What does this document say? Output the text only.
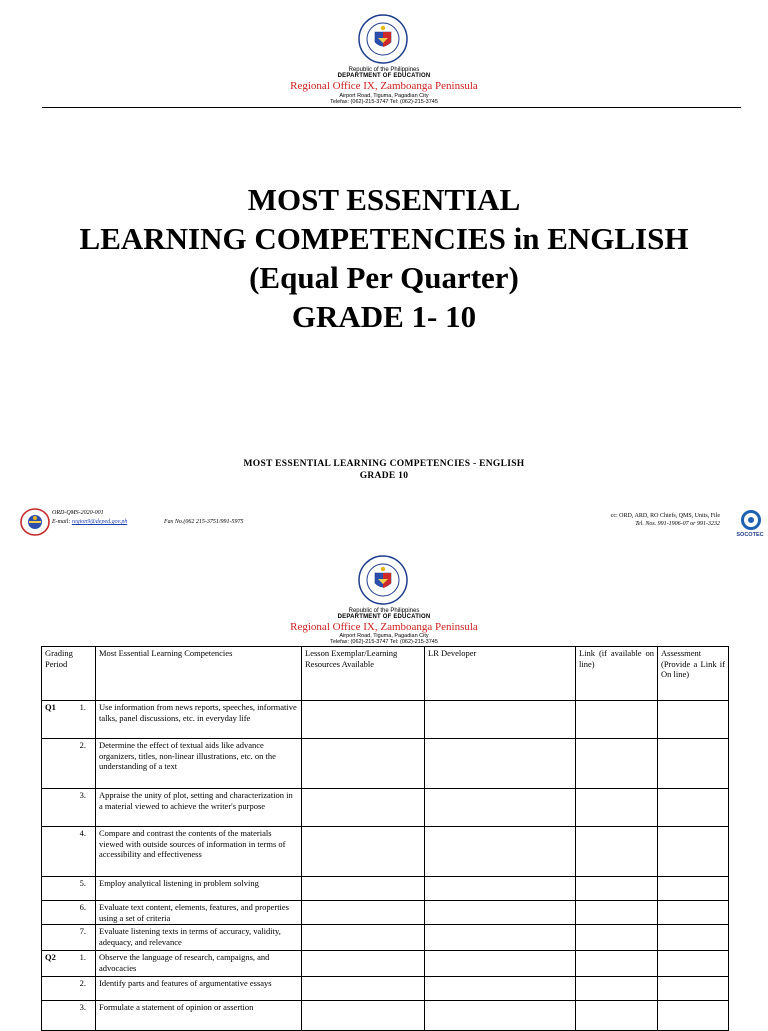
Republic of the Philippines
DEPARTMENT OF EDUCATION
Regional Office IX, Zamboanga Peninsula
Airport Road, Tiguma, Pagadian City
Telefax: (062)-215-3747 Tel: (062)-215-3745
MOST ESSENTIAL
LEARNING COMPETENCIES in ENGLISH
(Equal Per Quarter)
GRADE 1- 10
MOST ESSENTIAL LEARNING COMPETENCIES - ENGLISH
GRADE 10
ORD-QMS-2020-001
E-mail: region9@deped.gov.ph	Fax No.(062 215-3751/991-5975
cc: ORD, ARD, RO Chiefs, QMS, Units, File
Tel. Nos. 991-1906-07 or 991-3232
SOCOTEC
Republic of the Philippines
DEPARTMENT OF EDUCATION
Regional Office IX, Zamboanga Peninsula
Airport Road, Tiguma, Pagadian City
Telefax: (062)-215-3747 Tel: (062)-215-3745
Grading Period	Most Essential Learning Competencies	Lesson Exemplar/Learning Resources Available	LR Developer	Link (if available on line)	Assessment (Provide a Link if On line)

Q1 1.	Use information from news reports, speeches, informative talks, panel discussions, etc. in everyday life				

2.	Determine the effect of textual aids like advance organizers, titles, non-linear illustrations, etc. on the understanding of a text				

3.	Appraise the unity of plot, setting and characterization in a material viewed to achieve the writer's purpose				

4.	Compare and contrast the contents of the materials viewed with outside sources of information in terms of accessibility and effectiveness				

5.	Employ analytical listening in problem solving				

6.	Evaluate text content, elements, features, and properties using a set of criteria				

7.	Evaluate listening texts in terms of accuracy, validity, adequacy, and relevance				

Q2 1.	Observe the language of research, campaigns, and advocacies				

2.	Identify parts and features of argumentative essays				

3.	Formulate a statement of opinion or assertion				
